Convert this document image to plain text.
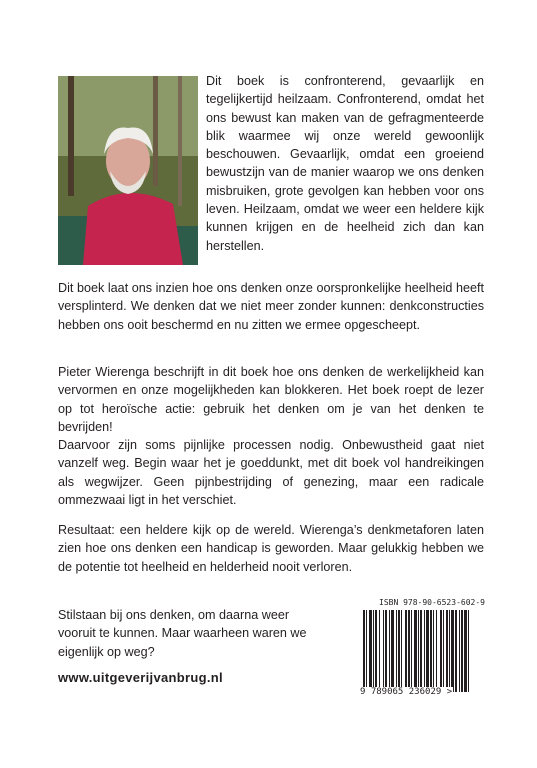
Dit boek is confronterend, gevaarlijk en tegelijkertijd heilzaam. Confronterend, omdat het ons bewust kan maken van de gefragmenteerde blik waarmee wij onze wereld gewoonlijk beschouwen. Gevaarlijk, omdat een groeiend bewustzijn van de manier waarop we ons denken misbruiken, grote gevolgen kan hebben voor ons leven. Heilzaam, omdat we weer een heldere kijk kunnen krijgen en de heelheid zich dan kan herstellen.
Dit boek laat ons inzien hoe ons denken onze oorspronkelijke heelheid heeft versplinterd. We denken dat we niet meer zonder kunnen: denkconstructies hebben ons ooit beschermd en nu zitten we ermee opgescheept.

Pieter Wierenga beschrijft in dit boek hoe ons denken de werkelijkheid kan vervormen en onze mogelijkheden kan blokkeren. Het boek roept de lezer op tot heroïsche actie: gebruik het denken om je van het denken te bevrijden!

Daarvoor zijn soms pijnlijke processen nodig. Onbewustheid gaat niet vanzelf weg. Begin waar het je goeddunkt, met dit boek vol handreikingen als wegwijzer. Geen pijnbestrijding of genezing, maar een radicale ommezwaai ligt in het verschiet.

Resultaat: een heldere kijk op de wereld. Wierenga’s denkmetaforen laten zien hoe ons denken een handicap is geworden. Maar gelukkig hebben we de potentie tot heelheid en helderheid nooit verloren.
Stilstaan bij ons denken, om daarna weer vooruit te kunnen. Maar waarheen waren we eigenlijk op weg?
www.uitgeverijvanbrug.nl
ISBN 978-90-6523-602-9
9 789065 236029 >
